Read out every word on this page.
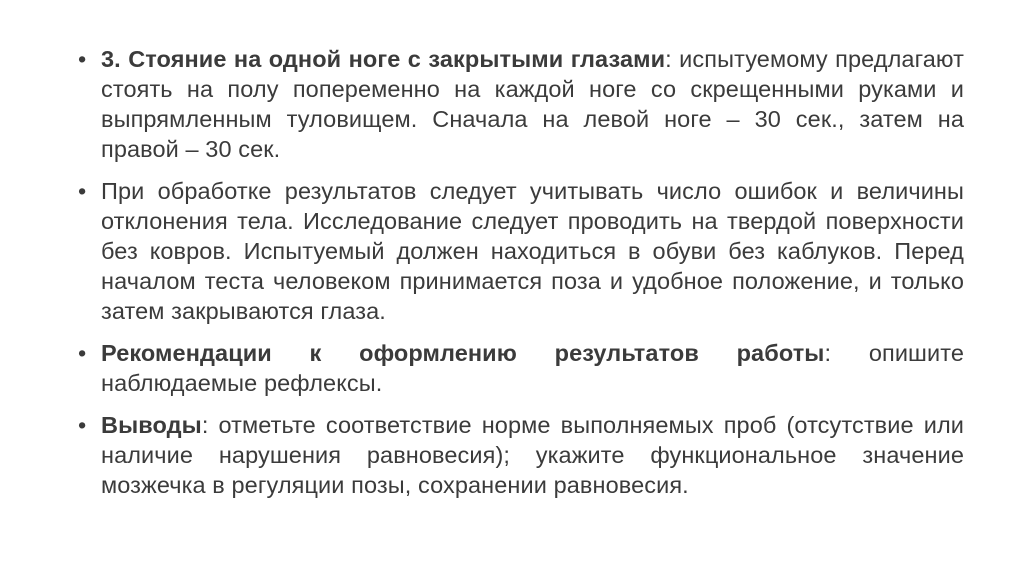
• 3. Стояние на одной ноге с закрытыми глазами: испытуемому предлагают стоять на полу попеременно на каждой ноге со скрещенными руками и выпрямленным туловищем. Сначала на левой ноге – 30 сек., затем на правой – 30 сек.
• При обработке результатов следует учитывать число ошибок и величины отклонения тела. Исследование следует проводить на твердой поверхности без ковров. Испытуемый должен находиться в обуви без каблуков. Перед началом теста человеком принимается поза и удобное положение, и только затем закрываются глаза.
• Рекомендации к оформлению результатов работы: опишите наблюдаемые рефлексы.
• Выводы: отметьте соответствие норме выполняемых проб (отсутствие или наличие нарушения равновесия); укажите функциональное значение мозжечка в регуляции позы, сохранении равновесия.
